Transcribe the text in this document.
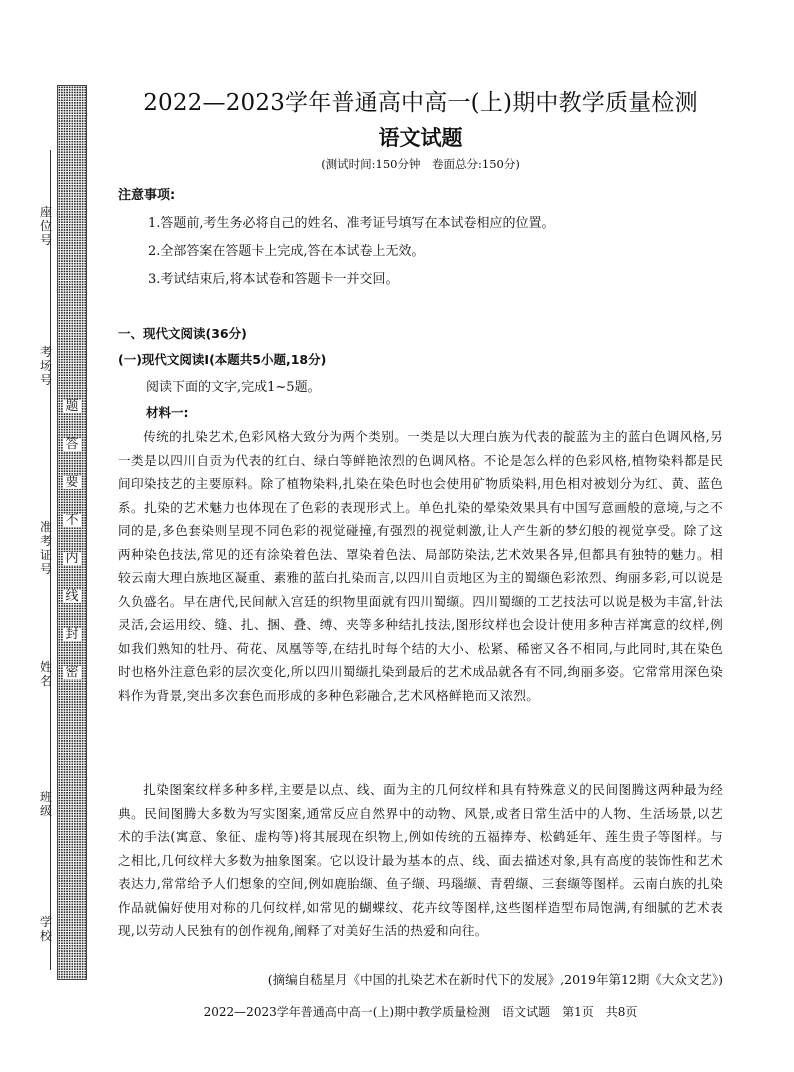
座位号
考场号
准考证号
姓名
班级
学校
题
答
要
不
内
线
封
密
2022—2023学年普通高中高一(上)期中教学质量检测
语文试题
(测试时间:150分钟　卷面总分:150分)
注意事项:
1.答题前,考生务必将自己的姓名、准考证号填写在本试卷相应的位置。
2.全部答案在答题卡上完成,答在本试卷上无效。
3.考试结束后,将本试卷和答题卡一并交回。
一、现代文阅读(36分)
(一)现代文阅读Ⅰ(本题共5小题,18分)
阅读下面的文字,完成1~5题。
材料一:

传统的扎染艺术,色彩风格大致分为两个类别。一类是以大理白族为代表的靛蓝为主的蓝白色调风格,另一类是以四川自贡为代表的红白、绿白等鲜艳浓烈的色调风格。不论是怎么样的色彩风格,植物染料都是民间印染技艺的主要原料。除了植物染料,扎染在染色时也会使用矿物质染料,用色相对被划分为红、黄、蓝色系。扎染的艺术魅力也体现在了色彩的表现形式上。单色扎染的晕染效果具有中国写意画般的意境,与之不同的是,多色套染则呈现不同色彩的视觉碰撞,有强烈的视觉刺激,让人产生新的梦幻般的视觉享受。除了这两种染色技法,常见的还有涂染着色法、罩染着色法、局部防染法,艺术效果各异,但都具有独特的魅力。相较云南大理白族地区凝重、素雅的蓝白扎染而言,以四川自贡地区为主的蜀缬色彩浓烈、绚丽多彩,可以说是久负盛名。早在唐代,民间献入宫廷的织物里面就有四川蜀缬。四川蜀缬的工艺技法可以说是极为丰富,针法灵活,会运用绞、缝、扎、捆、叠、缚、夹等多种结扎技法,图形纹样也会设计使用多种吉祥寓意的纹样,例如我们熟知的牡丹、荷花、凤凰等等,在结扎时每个结的大小、松紧、稀密又各不相同,与此同时,其在染色时也格外注意色彩的层次变化,所以四川蜀缬扎染到最后的艺术成品就各有不同,绚丽多姿。它常常用深色染料作为背景,突出多次套色而形成的多种色彩融合,艺术风格鲜艳而又浓烈。

扎染图案纹样多种多样,主要是以点、线、面为主的几何纹样和具有特殊意义的民间图腾这两种最为经典。民间图腾大多数为写实图案,通常反应自然界中的动物、风景,或者日常生活中的人物、生活场景,以艺术的手法(寓意、象征、虚构等)将其展现在织物上,例如传统的五福捧寿、松鹤延年、莲生贵子等图样。与之相比,几何纹样大多数为抽象图案。它以设计最为基本的点、线、面去描述对象,具有高度的装饰性和艺术表达力,常常给予人们想象的空间,例如鹿胎缬、鱼子缬、玛瑙缬、青碧缬、三套缬等图样。云南白族的扎染作品就偏好使用对称的几何纹样,如常见的蝴蝶纹、花卉纹等图样,这些图样造型布局饱满,有细腻的艺术表现,以劳动人民独有的创作视角,阐释了对美好生活的热爱和向往。

(摘编自嵇星月《中国的扎染艺术在新时代下的发展》,2019年第12期《大众文艺》)
2022—2023学年普通高中高一(上)期中教学质量检测　语文试题　第1页　共8页
